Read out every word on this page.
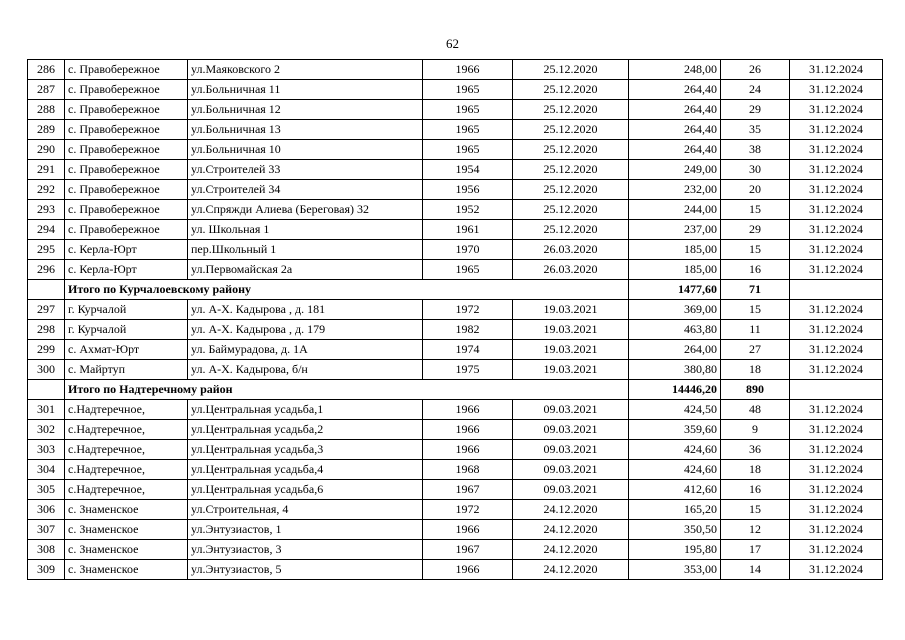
62
286	с. Правобережное	ул.Маяковского 2	1966	25.12.2020	248,00	26	31.12.2024
287	с. Правобережное	ул.Больничная 11	1965	25.12.2020	264,40	24	31.12.2024
288	с. Правобережное	ул.Больничная 12	1965	25.12.2020	264,40	29	31.12.2024
289	с. Правобережное	ул.Больничная 13	1965	25.12.2020	264,40	35	31.12.2024
290	с. Правобережное	ул.Больничная 10	1965	25.12.2020	264,40	38	31.12.2024
291	с. Правобережное	ул.Строителей 33	1954	25.12.2020	249,00	30	31.12.2024
292	с. Правобережное	ул.Строителей 34	1956	25.12.2020	232,00	20	31.12.2024
293	с. Правобережное	ул.Спряжди Алиева (Береговая) 32	1952	25.12.2020	244,00	15	31.12.2024
294	с. Правобережное	ул. Школьная 1	1961	25.12.2020	237,00	29	31.12.2024
295	с. Керла-Юрт	пер.Школьный 1	1970	26.03.2020	185,00	15	31.12.2024
296	с. Керла-Юрт	ул.Первомайская 2а	1965	26.03.2020	185,00	16	31.12.2024
	Итого по Курчалоевскому району				1477,60	71	
297	г. Курчалой	ул. А-Х. Кадырова , д. 181	1972	19.03.2021	369,00	15	31.12.2024
298	г. Курчалой	ул. А-Х. Кадырова , д. 179	1982	19.03.2021	463,80	11	31.12.2024
299	с. Ахмат-Юрт	ул. Баймурадова, д. 1А	1974	19.03.2021	264,00	27	31.12.2024
300	с. Майртуп	ул. А-Х. Кадырова, б/н	1975	19.03.2021	380,80	18	31.12.2024
	Итого по Надтеречному район				14446,20	890	
301	с.Надтеречное,	ул.Центральная усадьба,1	1966	09.03.2021	424,50	48	31.12.2024
302	с.Надтеречное,	ул.Центральная усадьба,2	1966	09.03.2021	359,60	9	31.12.2024
303	с.Надтеречное,	ул.Центральная усадьба,3	1966	09.03.2021	424,60	36	31.12.2024
304	с.Надтеречное,	ул.Центральная усадьба,4	1968	09.03.2021	424,60	18	31.12.2024
305	с.Надтеречное,	ул.Центральная усадьба,6	1967	09.03.2021	412,60	16	31.12.2024
306	с. Знаменское	ул.Строительная, 4	1972	24.12.2020	165,20	15	31.12.2024
307	с. Знаменское	ул.Энтузиастов, 1	1966	24.12.2020	350,50	12	31.12.2024
308	с. Знаменское	ул.Энтузиастов, 3	1967	24.12.2020	195,80	17	31.12.2024
309	с. Знаменское	ул.Энтузиастов, 5	1966	24.12.2020	353,00	14	31.12.2024
